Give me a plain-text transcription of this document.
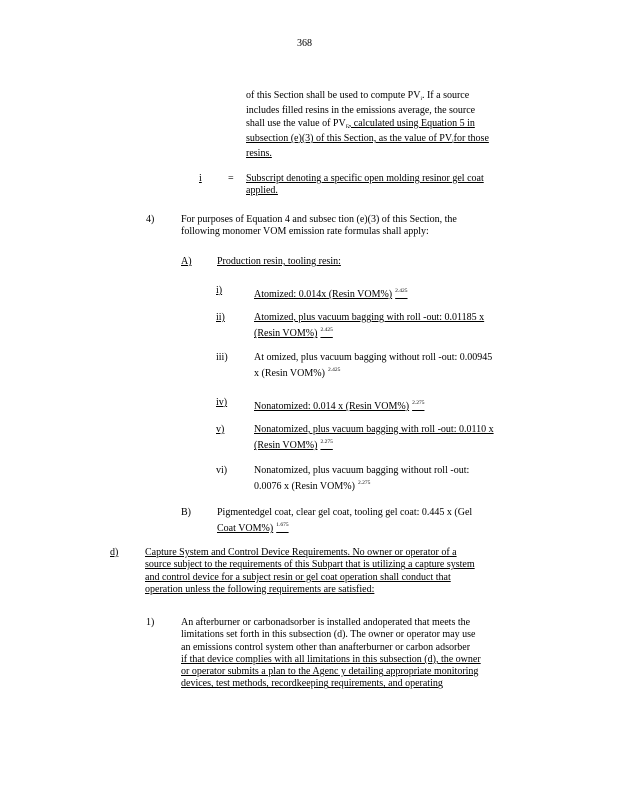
368

of this Section shall be used to compute $PV_i$. If a source

includes filled resins in the emissions average, the source

shall use the value of $PV_F$, calculated using Equation 5 in

subsection (e)(3) of this Section, as the value of $PV_ifor$ those

resins.

i	= Subscript denoting a specific open molding resinor gel coat

applied.

4)	For purposes of Equation 4 and subsec tion (e)(3) of this Section, the

following monomer VOM emission rate formulas shall apply:

A)	Production resin, tooling resin:
i)	Atomized: 0.014x (Resin VOM%) $^{2.425}$
ii)	Atomized, plus vacuum bagging with roll -out: 0.01185 x

(Resin VOM%) $^{2.425}$

iii)	At omized, plus vacuum bagging without roll -out: 0.00945

x (Resin VOM%) $^{2.425}$

iv)	Nonatomized: 0.014 x (Resin VOM%) $^{2.275}$
v)	Nonatomized, plus vacuum bagging with roll -out: 0.0110 x

(Resin VOM%) $^{2.275}$

vi)	Nonatomized, plus vacuum bagging without roll -out:

0.0076 x (Resin VOM%) $^{2.275}$

B)	Pigmentedgel coat, clear gel coat, tooling gel coat: 0.445 x (Gel

Coat VOM%) $^{1.675}$

d)	Capture System and Control Device Requirements. No owner or operator of a

source subject to the requirements of this Subpart that is utilizing a capture system

and control device for a subject resin or gel coat operation shall conduct that

operation unless the following requirements are satisfied:

1)	An afterburner or carbonadsorber is installed andoperated that meets the

limitations set forth in this subsection (d). The owner or operator may use

an emissions control system other than anafterburner or carbon adsorber

if that device complies with all limitations in this subsection (d), the owner

or operator submits a plan to the Agenc y detailing appropriate monitoring

devices, test methods, recordkeeping requirements, and operating
